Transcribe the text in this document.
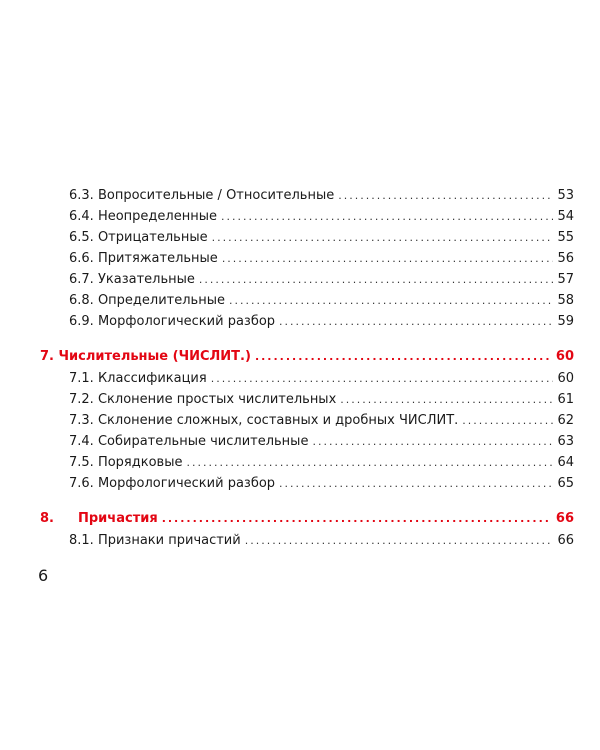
6.3. Вопросительные / Относительные .....	53
6.4. Неопределенные .....	54
6.5. Отрицательные .....	55
6.6. Притяжательные .....	56
6.7. Указательные .....	57
6.8. Определительные .....	58
6.9. Морфологический разбор .....	59
7. Числительные (ЧИСЛИТ.) .....	60
7.1. Классификация .....	60
7.2. Склонение простых числительных .....	61
7.3. Склонение сложных, составных и дробных ЧИСЛИТ. .....	62
7.4. Собирательные числительные .....	63
7.5. Порядковые .....	64
7.6. Морфологический разбор .....	65
8. Причастия .....	66
8.1. Признаки причастий .....	66
6
